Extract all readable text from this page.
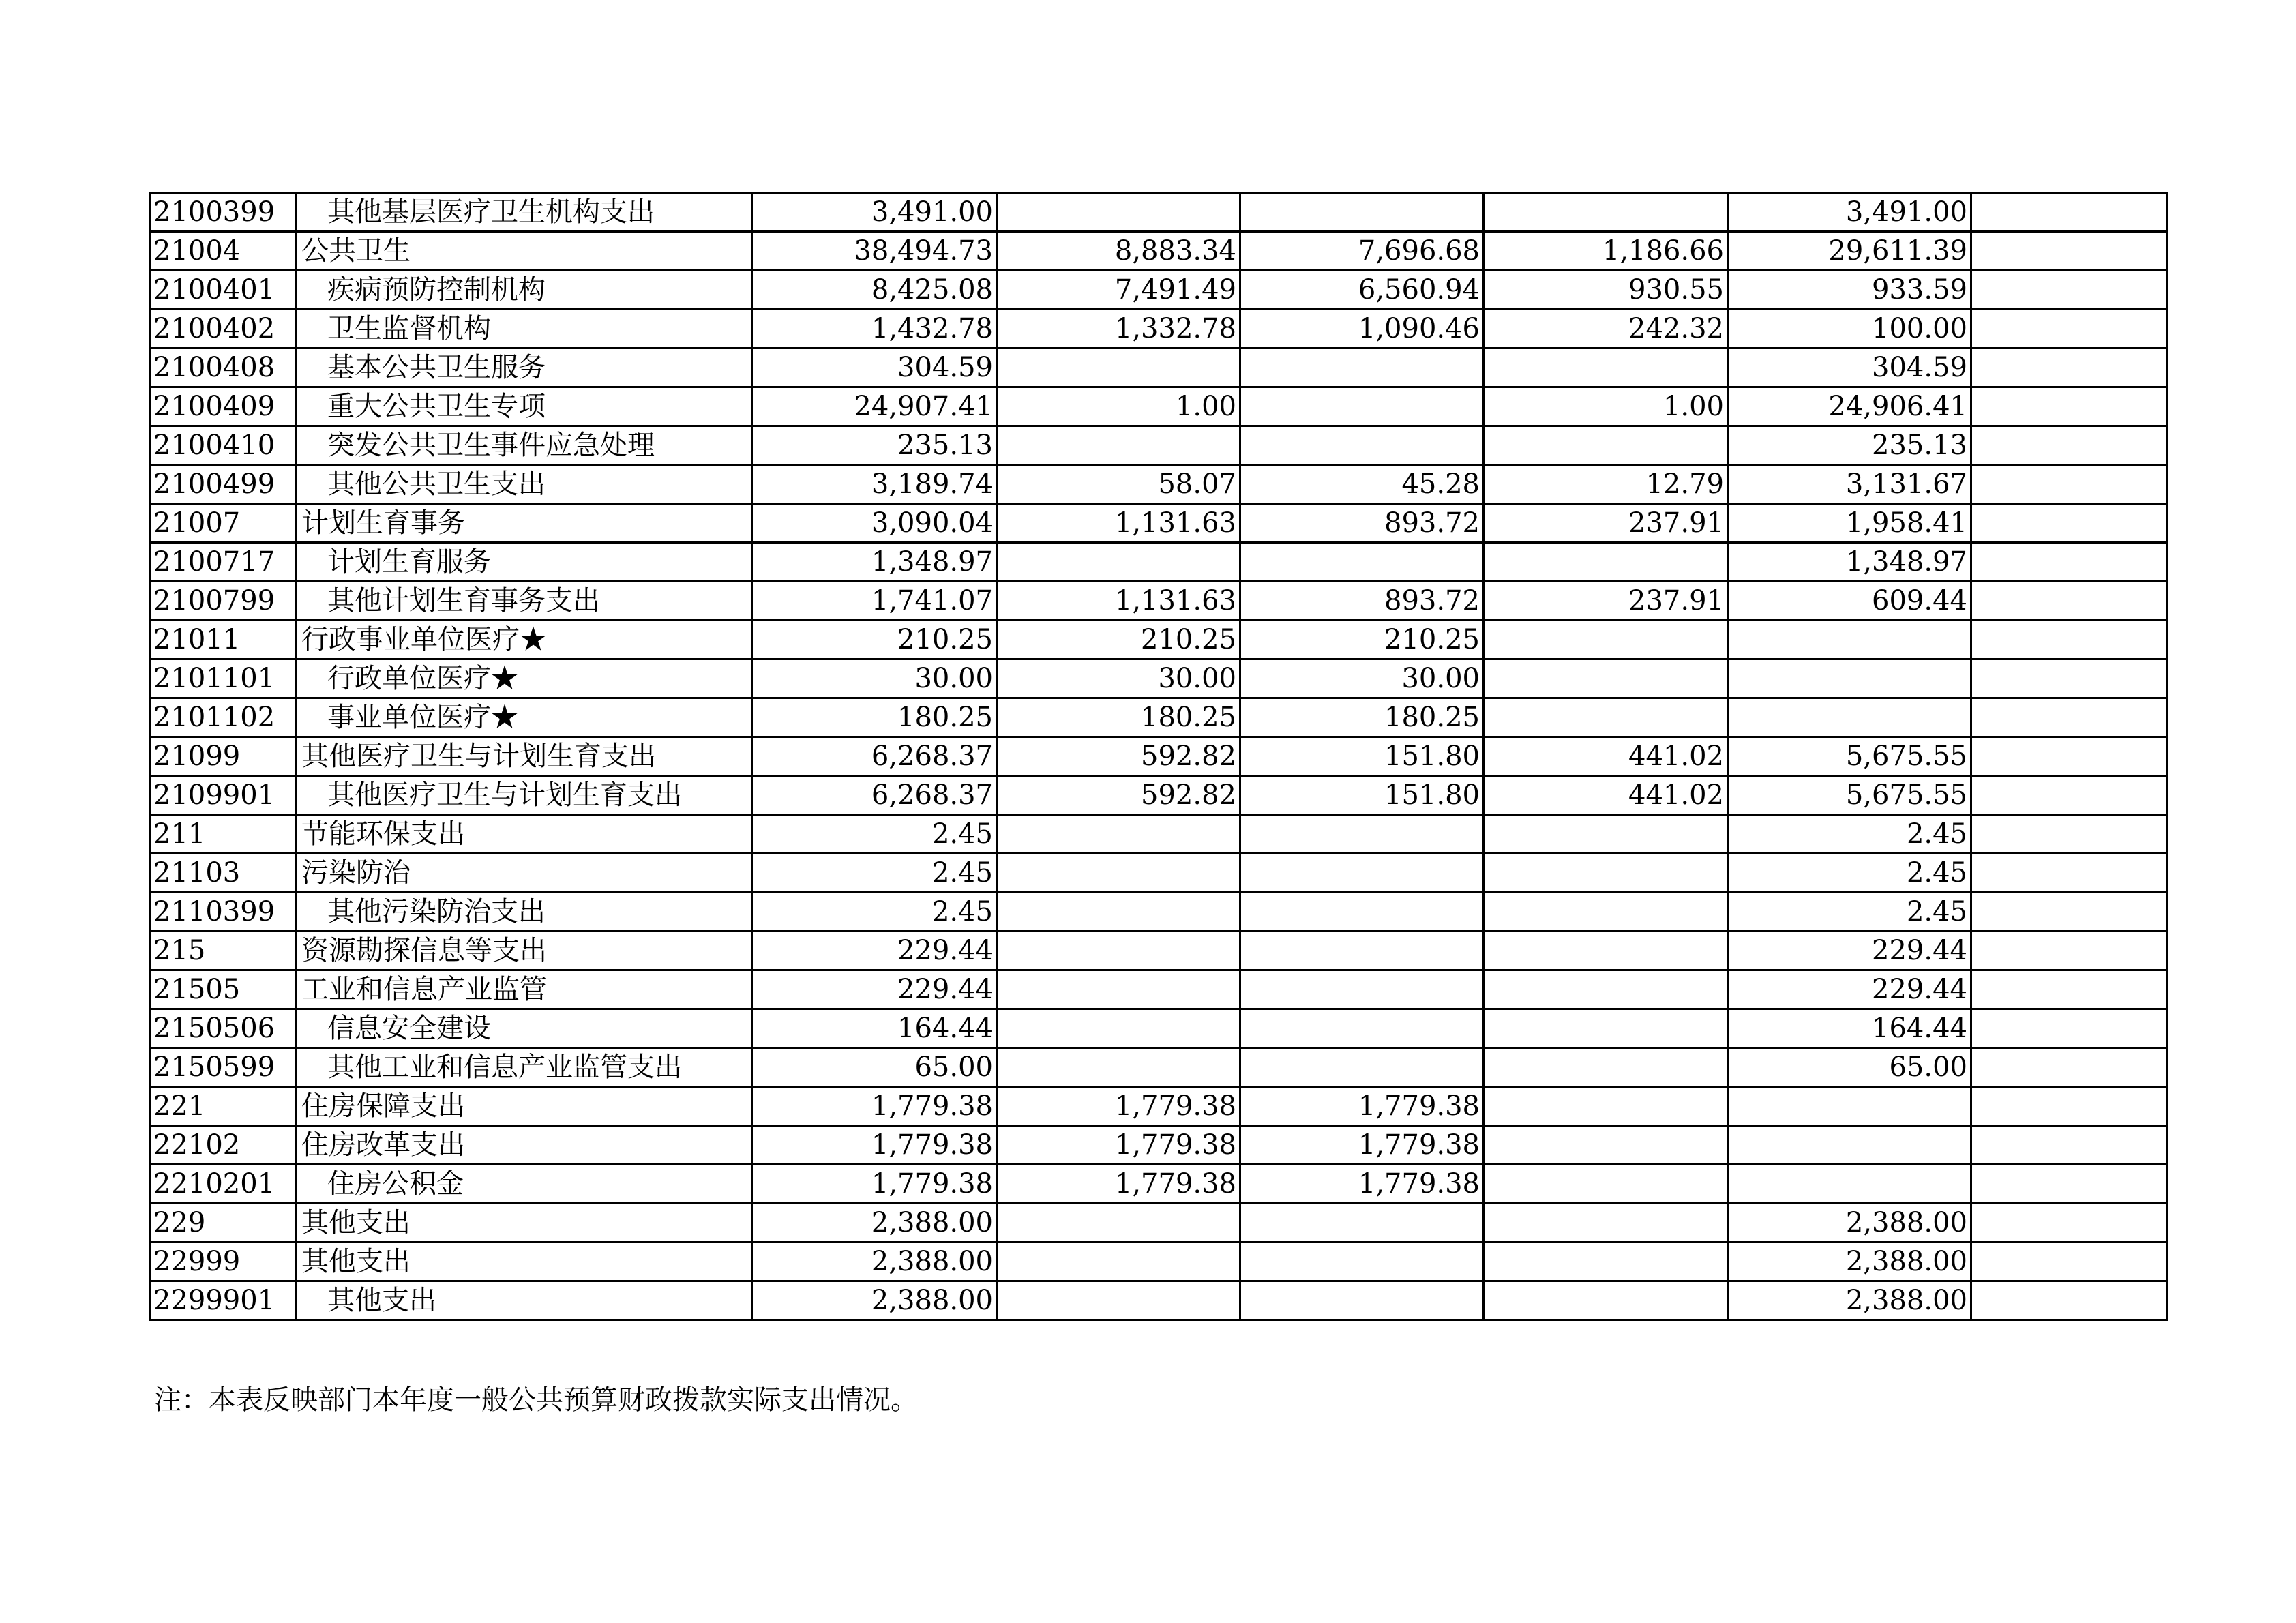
2100399	其他基层医疗卫生机构支出	3,491.00				3,491.00	
21004	公共卫生	38,494.73	8,883.34	7,696.68	1,186.66	29,611.39	
2100401	疾病预防控制机构	8,425.08	7,491.49	6,560.94	930.55	933.59	
2100402	卫生监督机构	1,432.78	1,332.78	1,090.46	242.32	100.00	
2100408	基本公共卫生服务	304.59				304.59	
2100409	重大公共卫生专项	24,907.41	1.00		1.00	24,906.41	
2100410	突发公共卫生事件应急处理	235.13				235.13	
2100499	其他公共卫生支出	3,189.74	58.07	45.28	12.79	3,131.67	
21007	计划生育事务	3,090.04	1,131.63	893.72	237.91	1,958.41	
2100717	计划生育服务	1,348.97				1,348.97	
2100799	其他计划生育事务支出	1,741.07	1,131.63	893.72	237.91	609.44	
21011	行政事业单位医疗★	210.25	210.25	210.25			
2101101	行政单位医疗★	30.00	30.00	30.00			
2101102	事业单位医疗★	180.25	180.25	180.25			
21099	其他医疗卫生与计划生育支出	6,268.37	592.82	151.80	441.02	5,675.55	
2109901	其他医疗卫生与计划生育支出	6,268.37	592.82	151.80	441.02	5,675.55	
211	节能环保支出	2.45				2.45	
21103	污染防治	2.45				2.45	
2110399	其他污染防治支出	2.45				2.45	
215	资源勘探信息等支出	229.44				229.44	
21505	工业和信息产业监管	229.44				229.44	
2150506	信息安全建设	164.44				164.44	
2150599	其他工业和信息产业监管支出	65.00				65.00	
221	住房保障支出	1,779.38	1,779.38	1,779.38			
22102	住房改革支出	1,779.38	1,779.38	1,779.38			
2210201	住房公积金	1,779.38	1,779.38	1,779.38			
229	其他支出	2,388.00				2,388.00	
22999	其他支出	2,388.00				2,388.00	
2299901	其他支出	2,388.00				2,388.00	
注：本表反映部门本年度一般公共预算财政拨款实际支出情况。
